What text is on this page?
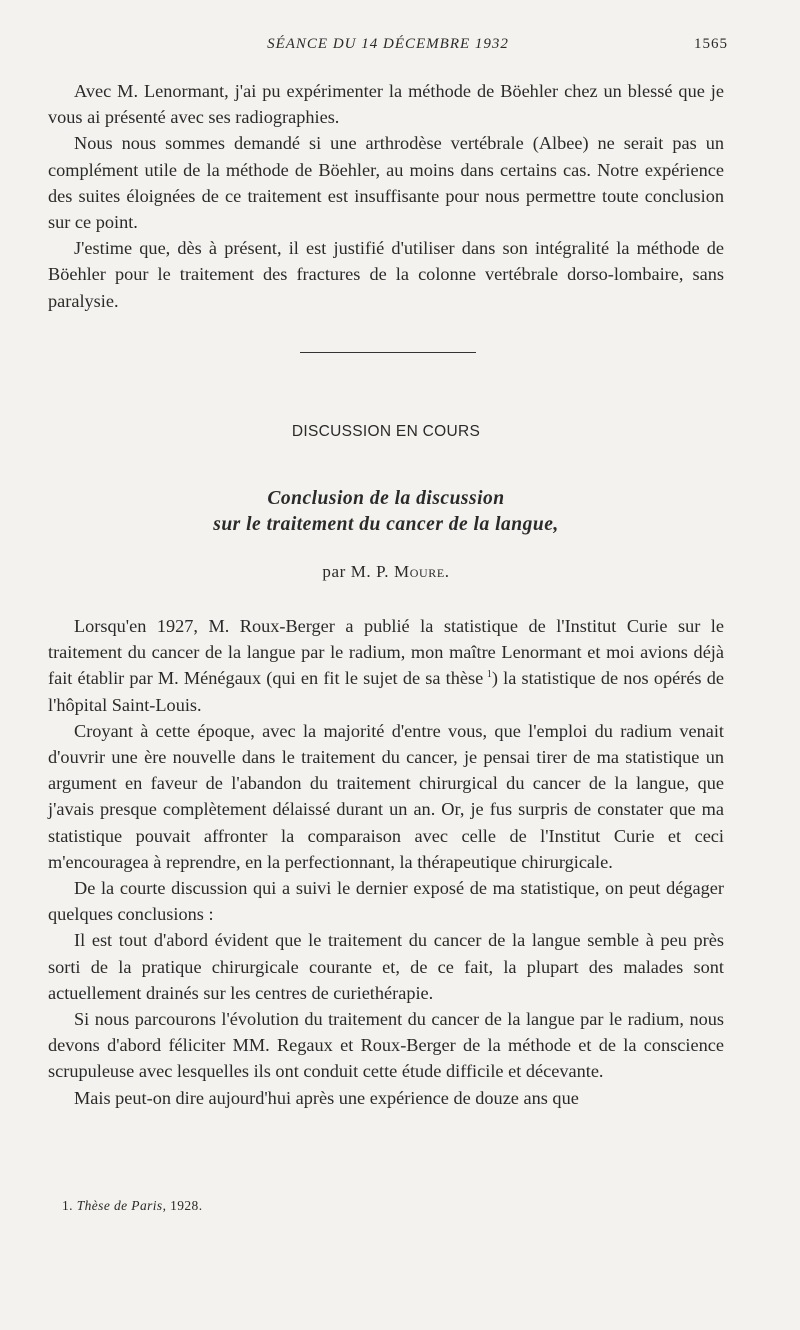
SÉANCE DU 14 DÉCEMBRE 1932	1565

Avec M. Lenormant, j'ai pu expérimenter la méthode de Böehler chez un blessé que je vous ai présenté avec ses radiographies.

Nous nous sommes demandé si une arthrodèse vertébrale (Albee) ne serait pas un complément utile de la méthode de Böehler, au moins dans certains cas. Notre expérience des suites éloignées de ce traitement est insuffisante pour nous permettre toute conclusion sur ce point.

J'estime que, dès à présent, il est justifié d'utiliser dans son intégralité la méthode de Böehler pour le traitement des fractures de la colonne vertébrale dorso-lombaire, sans paralysie.

DISCUSSION EN COURS
Conclusion de la discussion
sur le traitement du cancer de la langue,
par M. P. Moure.

Lorsqu'en 1927, M. Roux-Berger a publié la statistique de l'Institut Curie sur le traitement du cancer de la langue par le radium, mon maître Lenormant et moi avions déjà fait établir par M. Ménégaux (qui en fit le sujet de sa thèse  $^1$) la statistique de nos opérés de l'hôpital Saint-Louis.

Croyant à cette époque, avec la majorité d'entre vous, que l'emploi du radium venait d'ouvrir une ère nouvelle dans le traitement du cancer, je pensai tirer de ma statistique un argument en faveur de l'abandon du traitement chirurgical du cancer de la langue, que j'avais presque complètement délaissé durant un an. Or, je fus surpris de constater que ma statistique pouvait affronter la comparaison avec celle de l'Institut Curie et ceci m'encouragea à reprendre, en la perfectionnant, la thérapeutique chirurgicale.

De la courte discussion qui a suivi le dernier exposé de ma statistique, on peut dégager quelques conclusions :

Il est tout d'abord évident que le traitement du cancer de la langue semble à peu près sorti de la pratique chirurgicale courante et, de ce fait, la plupart des malades sont actuellement drainés sur les centres de curiethérapie.

Si nous parcourons l'évolution du traitement du cancer de la langue par le radium, nous devons d'abord féliciter MM. Regaux et Roux-Berger de la méthode et de la conscience scrupuleuse avec lesquelles ils ont conduit cette étude difficile et décevante.

Mais peut-on dire aujourd'hui après une expérience de douze ans que

1. Thèse de Paris, 1928.
